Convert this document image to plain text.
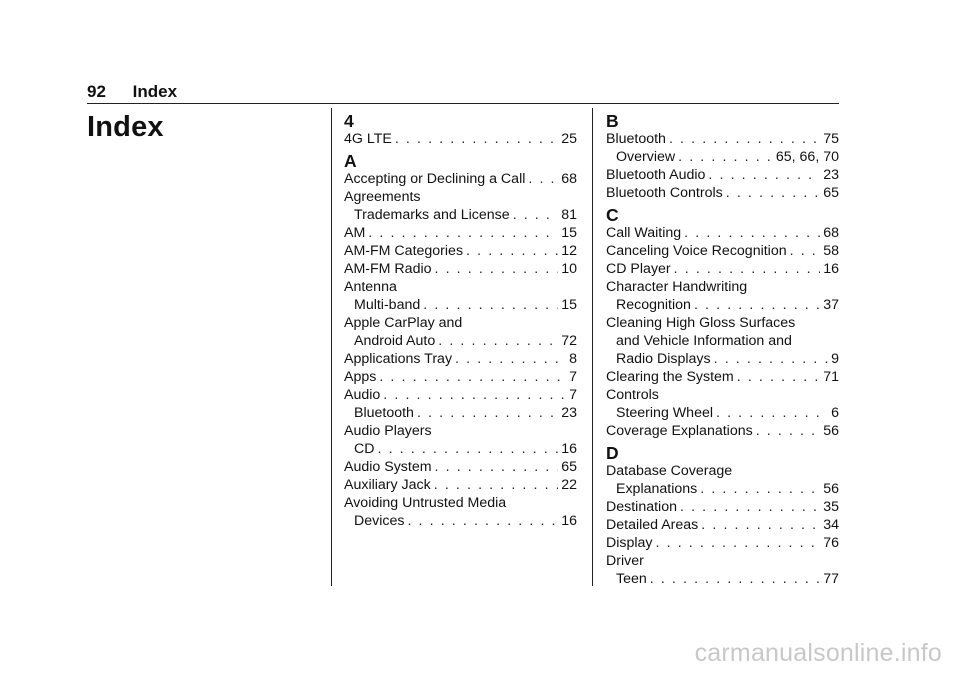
92 Index
Index	4
4G LTE . . .	25
A
Accepting or Declining a Call . . .	68
Agreements
Trademarks and License . . .	81
AM . . .	15
AM-FM Categories . . .	12
AM-FM Radio . . .	10
Antenna
Multi-band . . .	15
Apple CarPlay and
Android Auto . . .	72
Applications Tray . . .	8
Apps . . .	7
Audio . . .	7
Bluetooth . . .	23
Audio Players
CD . . .	16
Audio System . . .	65
Auxiliary Jack . . .	22
Avoiding Untrusted Media
Devices . . .	16
B
Bluetooth . . .	75
Overview . . .	65, 66, 70
Bluetooth Audio . . .	23
Bluetooth Controls . . .	65
C
Call Waiting . . .	68
Canceling Voice Recognition . . .	58
CD Player . . .	16
Character Handwriting
Recognition . . .	37
Cleaning High Gloss Surfaces
and Vehicle Information and
Radio Displays . . .	9
Clearing the System . . .	71
Controls
Steering Wheel . . .	6
Coverage Explanations . . .	56
D
Database Coverage
Explanations . . .	56
Destination . . .	35
Detailed Areas . . .	34
Display . . .	76
Driver
Teen . . .	77
carmanualsonline.info
